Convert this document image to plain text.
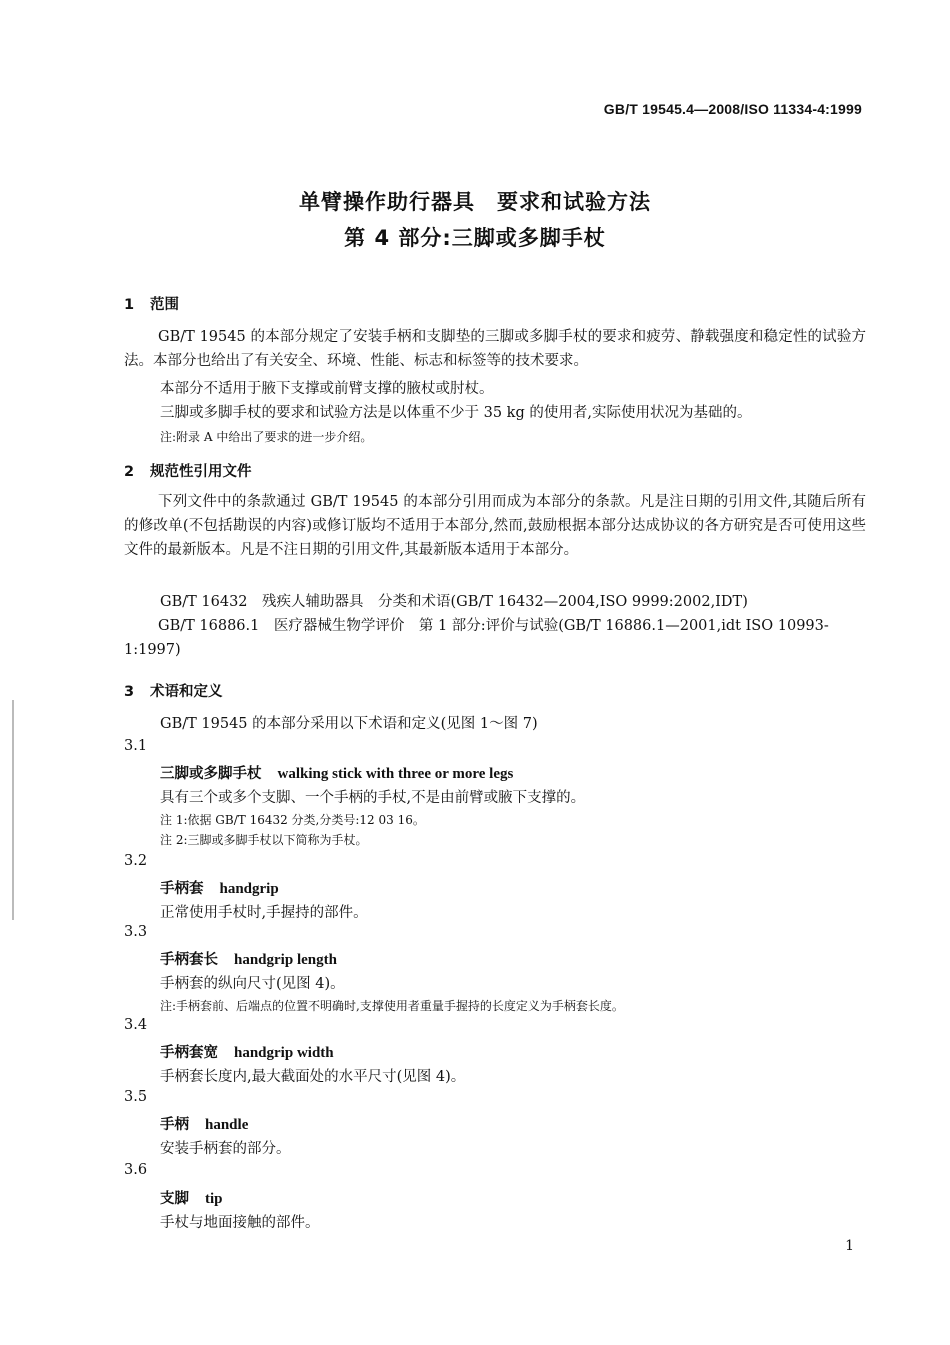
GB/T 19545.4—2008/ISO 11334-4:1999
单臂操作助行器具　要求和试验方法
第 4 部分:三脚或多脚手杖
1 范围
GB/T 19545 的本部分规定了安装手柄和支脚垫的三脚或多脚手杖的要求和疲劳、静载强度和稳定性的试验方法。本部分也给出了有关安全、环境、性能、标志和标签等的技术要求。
本部分不适用于腋下支撑或前臂支撑的腋杖或肘杖。
三脚或多脚手杖的要求和试验方法是以体重不少于 35 kg 的使用者,实际使用状况为基础的。
注:附录 A 中给出了要求的进一步介绍。
2 规范性引用文件
下列文件中的条款通过 GB/T 19545 的本部分引用而成为本部分的条款。凡是注日期的引用文件,其随后所有的修改单(不包括勘误的内容)或修订版均不适用于本部分,然而,鼓励根据本部分达成协议的各方研究是否可使用这些文件的最新版本。凡是不注日期的引用文件,其最新版本适用于本部分。
GB/T 16432　残疾人辅助器具　分类和术语(GB/T 16432—2004,ISO 9999:2002,IDT)
GB/T 16886.1　医疗器械生物学评价　第 1 部分:评价与试验(GB/T 16886.1—2001,idt ISO 10993-1:1997)
3 术语和定义
GB/T 19545 的本部分采用以下术语和定义(见图 1～图 7)
3.1
三脚或多脚手杖 walking stick with three or more legs
具有三个或多个支脚、一个手柄的手杖,不是由前臂或腋下支撑的。
注 1:依据 GB/T 16432 分类,分类号:12 03 16。
注 2:三脚或多脚手杖以下简称为手杖。
3.2
手柄套 handgrip
正常使用手杖时,手握持的部件。
3.3
手柄套长 handgrip length
手柄套的纵向尺寸(见图 4)。
注:手柄套前、后端点的位置不明确时,支撑使用者重量手握持的长度定义为手柄套长度。
3.4
手柄套宽 handgrip width
手柄套长度内,最大截面处的水平尺寸(见图 4)。
3.5
手柄 handle
安装手柄套的部分。
3.6
支脚 tip
手杖与地面接触的部件。
1
